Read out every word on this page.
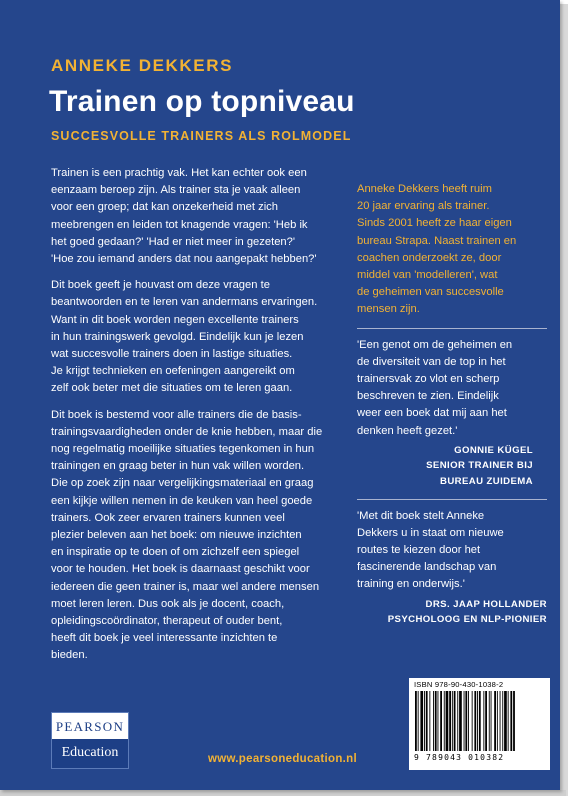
ANNEKE DEKKERS
Trainen op topniveau
SUCCESVOLLE TRAINERS ALS ROLMODEL

Trainen is een prachtig vak. Het kan echter ook een
eenzaam beroep zijn. Als trainer sta je vaak alleen
voor een groep; dat kan onzekerheid met zich
meebrengen en leiden tot knagende vragen: 'Heb ik
het goed gedaan?' 'Had er niet meer in gezeten?'
'Hoe zou iemand anders dat nou aangepakt hebben?'

Dit boek geeft je houvast om deze vragen te
beantwoorden en te leren van andermans ervaringen.
Want in dit boek worden negen excellente trainers
in hun trainingswerk gevolgd. Eindelijk kun je lezen
wat succesvolle trainers doen in lastige situaties.
Je krijgt technieken en oefeningen aangereikt om
zelf ook beter met die situaties om te leren gaan.

Dit boek is bestemd voor alle trainers die de basis-
trainingsvaardigheden onder de knie hebben, maar die
nog regelmatig moeilijke situaties tegenkomen in hun
trainingen en graag beter in hun vak willen worden.
Die op zoek zijn naar vergelijkingsmateriaal en graag
een kijkje willen nemen in de keuken van heel goede
trainers. Ook zeer ervaren trainers kunnen veel
plezier beleven aan het boek: om nieuwe inzichten
en inspiratie op te doen of om zichzelf een spiegel
voor te houden. Het boek is daarnaast geschikt voor
iedereen die geen trainer is, maar wel andere mensen
moet leren leren. Dus ook als je docent, coach,
opleidingscoördinator, therapeut of ouder bent,
heeft dit boek je veel interessante inzichten te
bieden.

Anneke Dekkers heeft ruim
20 jaar ervaring als trainer.
Sinds 2001 heeft ze haar eigen
bureau Strapa. Naast trainen en
coachen onderzoekt ze, door
middel van 'modelleren', wat
de geheimen van succesvolle
mensen zijn.

'Een genot om de geheimen en
de diversiteit van de top in het
trainersvak zo vlot en scherp
beschreven te zien. Eindelijk
weer een boek dat mij aan het
denken heeft gezet.'

GONNIE KÜGEL
SENIOR TRAINER BIJ
BUREAU ZUIDEMA

'Met dit boek stelt Anneke
Dekkers u in staat om nieuwe
routes te kiezen door het
fascinerende landschap van
training en onderwijs.'

DRS. JAAP HOLLANDER
PSYCHOLOOG EN NLP-PIONIER

ISBN 978-90-430-1038-2
9 789043 010382
PEARSON
Education	www.pearsoneducation.nl
